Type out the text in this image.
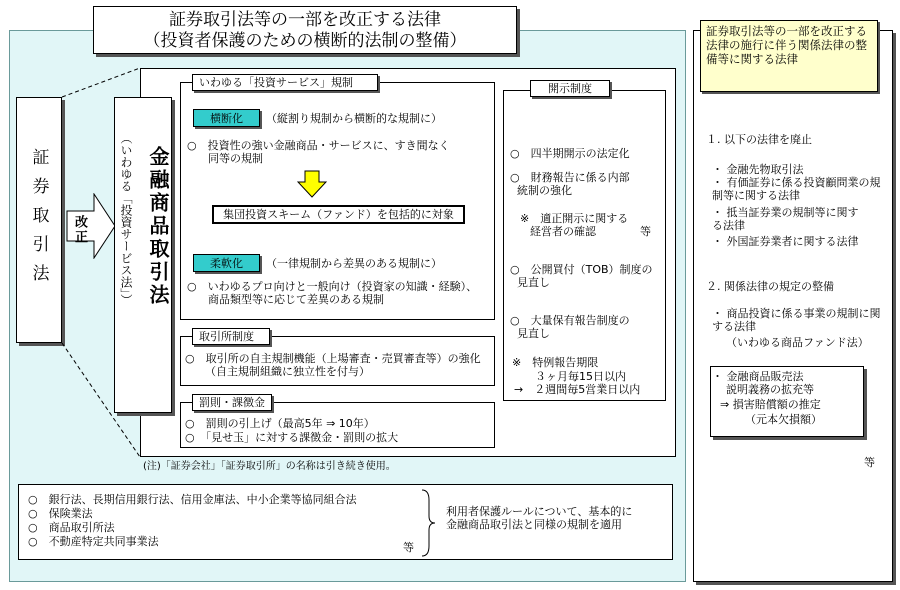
証券取引法等の一部を改正する法律
（投資者保護のための横断的法制の整備）
証券取引法 改正	金融商品取引法
（いわゆる「投資サービス法」）
いわゆる「投資サービス」規制
横断化	（縦割り規制から横断的な規制に）
○　投資性の強い金融商品・サービスに、すき間なく
同等の規制
集団投資スキーム（ファンド）を包括的に対象
柔軟化	（一律規制から差異のある規制に）
○　いわゆるプロ向けと一般向け（投資家の知識・経験）、
商品類型等に応じて差異のある規制
取引所制度
○　取引所の自主規制機能（上場審査・売買審査等）の強化
（自主規制組織に独立性を付与）
罰則・課徴金
○　罰則の引上げ（最高5年 ⇒ 10年）
○　「見せ玉」に対する課徴金・罰則の拡大
開示制度
○　四半期開示の法定化
○　財務報告に係る内部
統制の強化
※　適正開示に関する
経営者の確認	等
○　公開買付（TOB）制度の
見直し
○　大量保有報告制度の
見直し
※　特例報告期限
３ヶ月毎15日以内
→　２週間毎5営業日以内
(注)「証券会社」「証券取引所」の名称は引き続き使用。
○　銀行法、長期信用銀行法、信用金庫法、中小企業等協同組合法
○　保険業法
○　商品取引所法
○　不動産特定共同事業法	等
利用者保護ルールについて、基本的に
金融商品取引法と同様の規制を適用
証券取引法等の一部を改正する法律の施行に伴う関係法律の整備等に関する法律
１. 以下の法律を廃止
・ 金融先物取引法
・ 有価証券に係る投資顧問業の規制等に関する法律
・ 抵当証券業の規制等に関する法律
・ 外国証券業者に関する法律
２. 関係法律の規定の整備
・ 商品投資に係る事業の規制に関する法律
（いわゆる商品ファンド法）
・ 金融商品販売法
説明義務の拡充等
⇒ 損害賠償額の推定
（元本欠損額）
等
